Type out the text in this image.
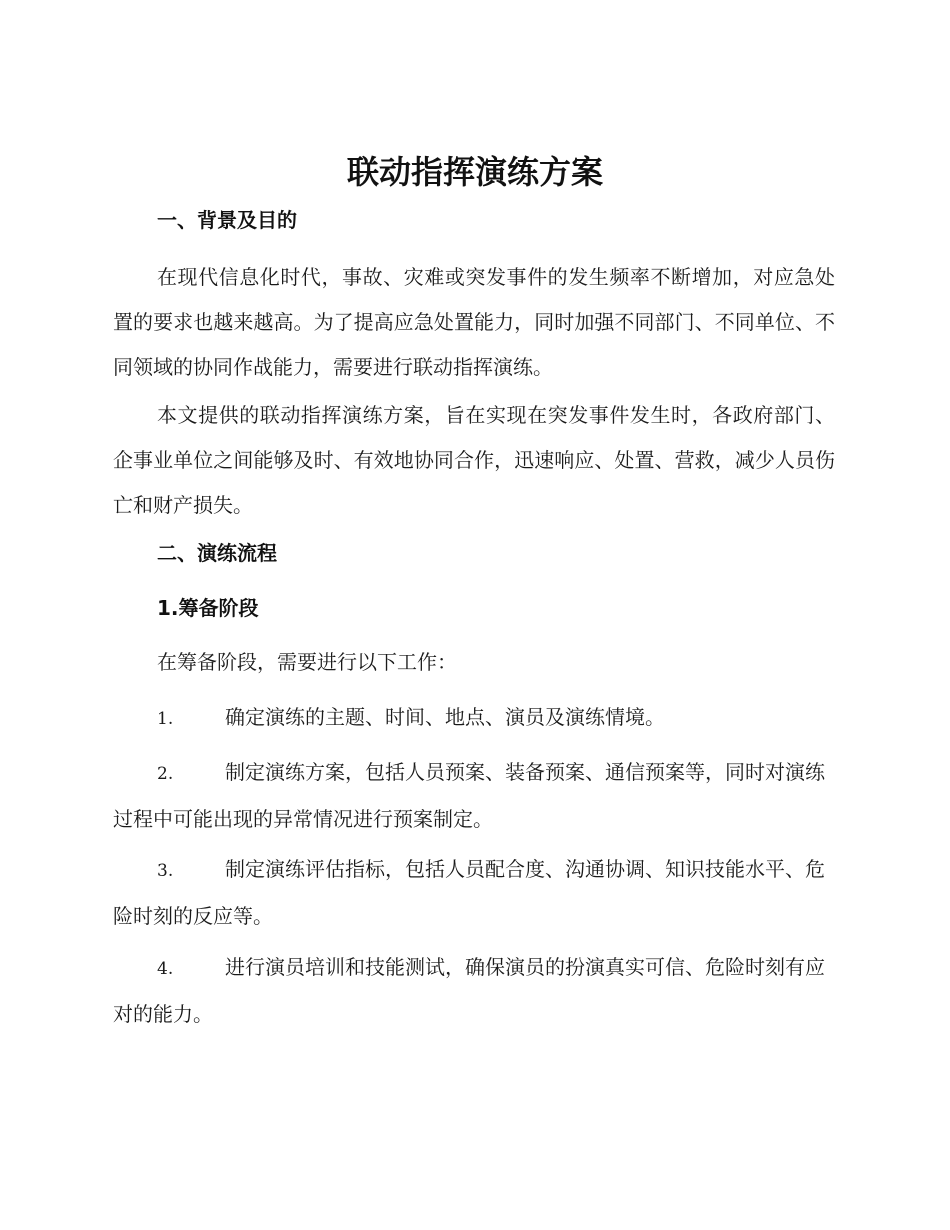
联动指挥演练方案
一、背景及目的

在现代信息化时代，事故、灾难或突发事件的发生频率不断增加，对应急处置的要求也越来越高。为了提高应急处置能力，同时加强不同部门、不同单位、不同领域的协同作战能力，需要进行联动指挥演练。

本文提供的联动指挥演练方案，旨在实现在突发事件发生时，各政府部门、企事业单位之间能够及时、有效地协同合作，迅速响应、处置、营救，减少人员伤亡和财产损失。

二、演练流程
1.筹备阶段

在筹备阶段，需要进行以下工作：

1.	确定演练的主题、时间、地点、演员及演练情境。

2.	制定演练方案，包括人员预案、装备预案、通信预案等，同时对演练过程中可能出现的异常情况进行预案制定。

3.	制定演练评估指标，包括人员配合度、沟通协调、知识技能水平、危险时刻的反应等。

4.	进行演员培训和技能测试，确保演员的扮演真实可信、危险时刻有应对的能力。
